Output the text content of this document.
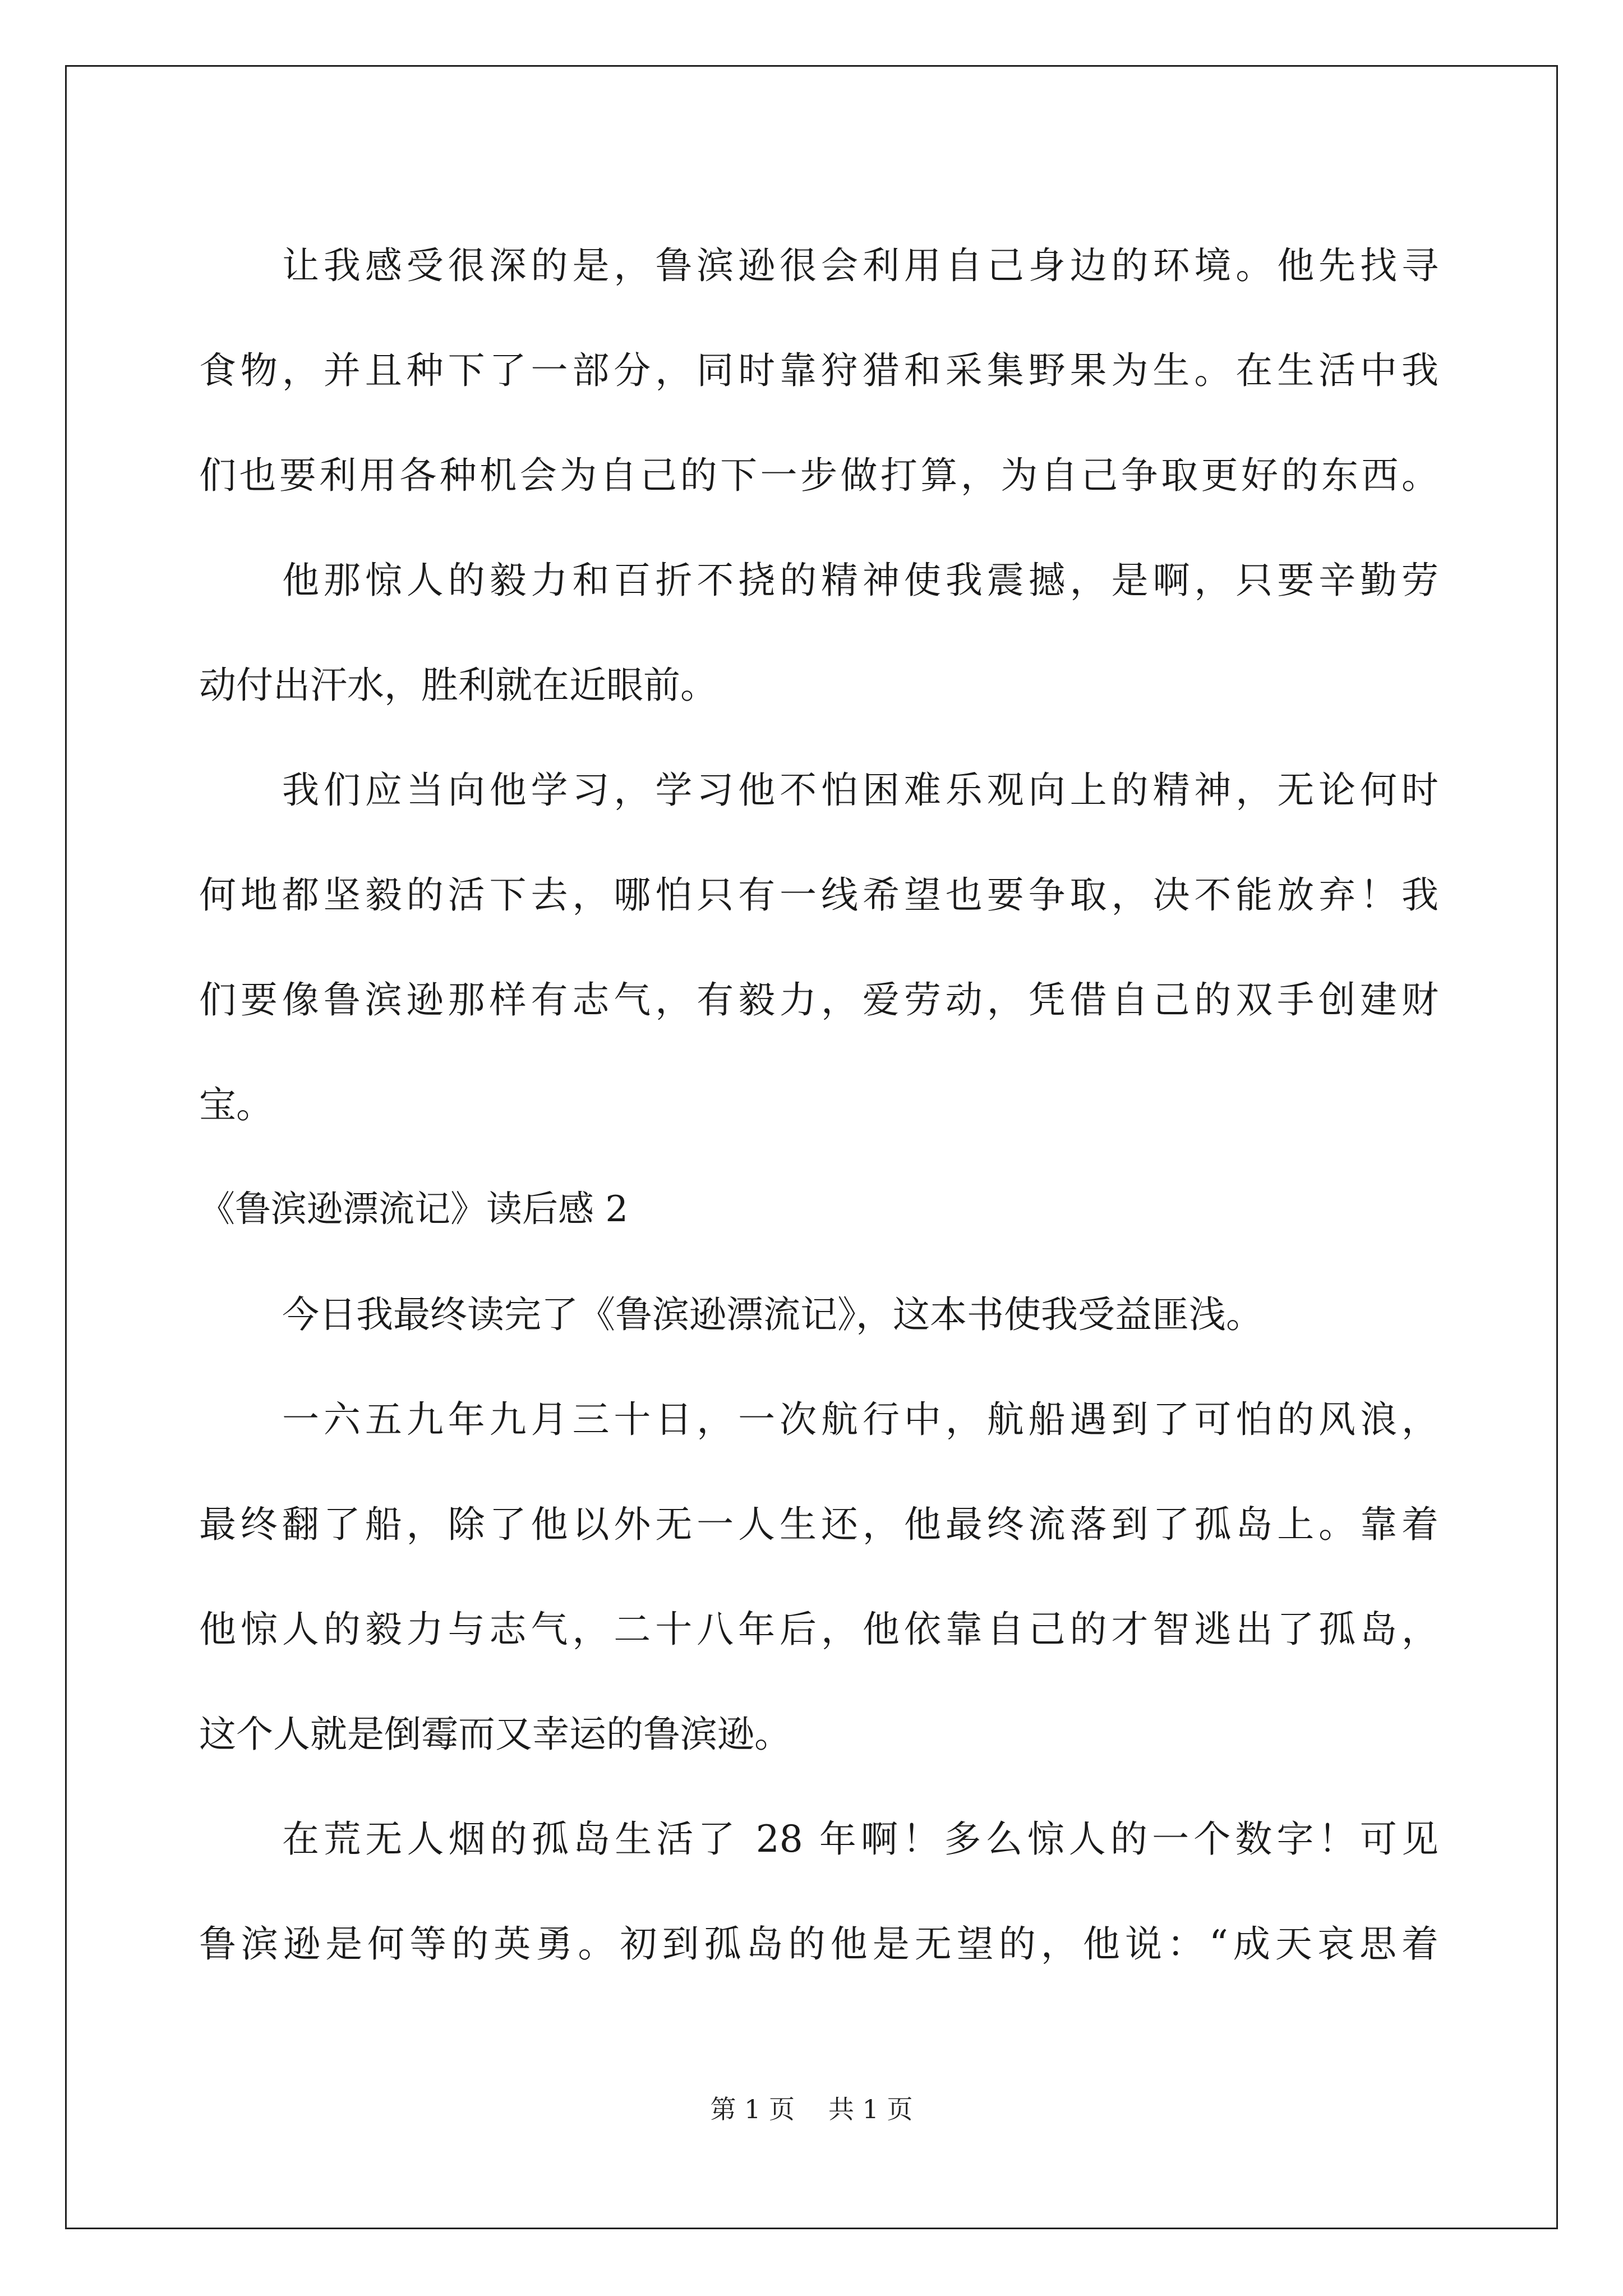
让我感受很深的是，鲁滨逊很会利用自己身边的环境。他先找寻
食物，并且种下了一部分，同时靠狩猎和采集野果为生。在生活中我
们也要利用各种机会为自己的下一步做打算，为自己争取更好的东西。
他那惊人的毅力和百折不挠的精神使我震撼，是啊，只要辛勤劳
动付出汗水，胜利就在近眼前。
我们应当向他学习，学习他不怕困难乐观向上的精神，无论何时
何地都坚毅的活下去，哪怕只有一线希望也要争取，决不能放弃！我
们要像鲁滨逊那样有志气，有毅力，爱劳动，凭借自己的双手创建财
宝。
《鲁滨逊漂流记》读后感 2
今日我最终读完了《鲁滨逊漂流记》，这本书使我受益匪浅。
一六五九年九月三十日，一次航行中，航船遇到了可怕的风浪，
最终翻了船，除了他以外无一人生还，他最终流落到了孤岛上。靠着
他惊人的毅力与志气，二十八年后，他依靠自己的才智逃出了孤岛，
这个人就是倒霉而又幸运的鲁滨逊。
在荒无人烟的孤岛生活了 28 年啊！多么惊人的一个数字！可见
鲁滨逊是何等的英勇。初到孤岛的他是无望的，他说：“成天哀思着
第 1 页 共 1 页
